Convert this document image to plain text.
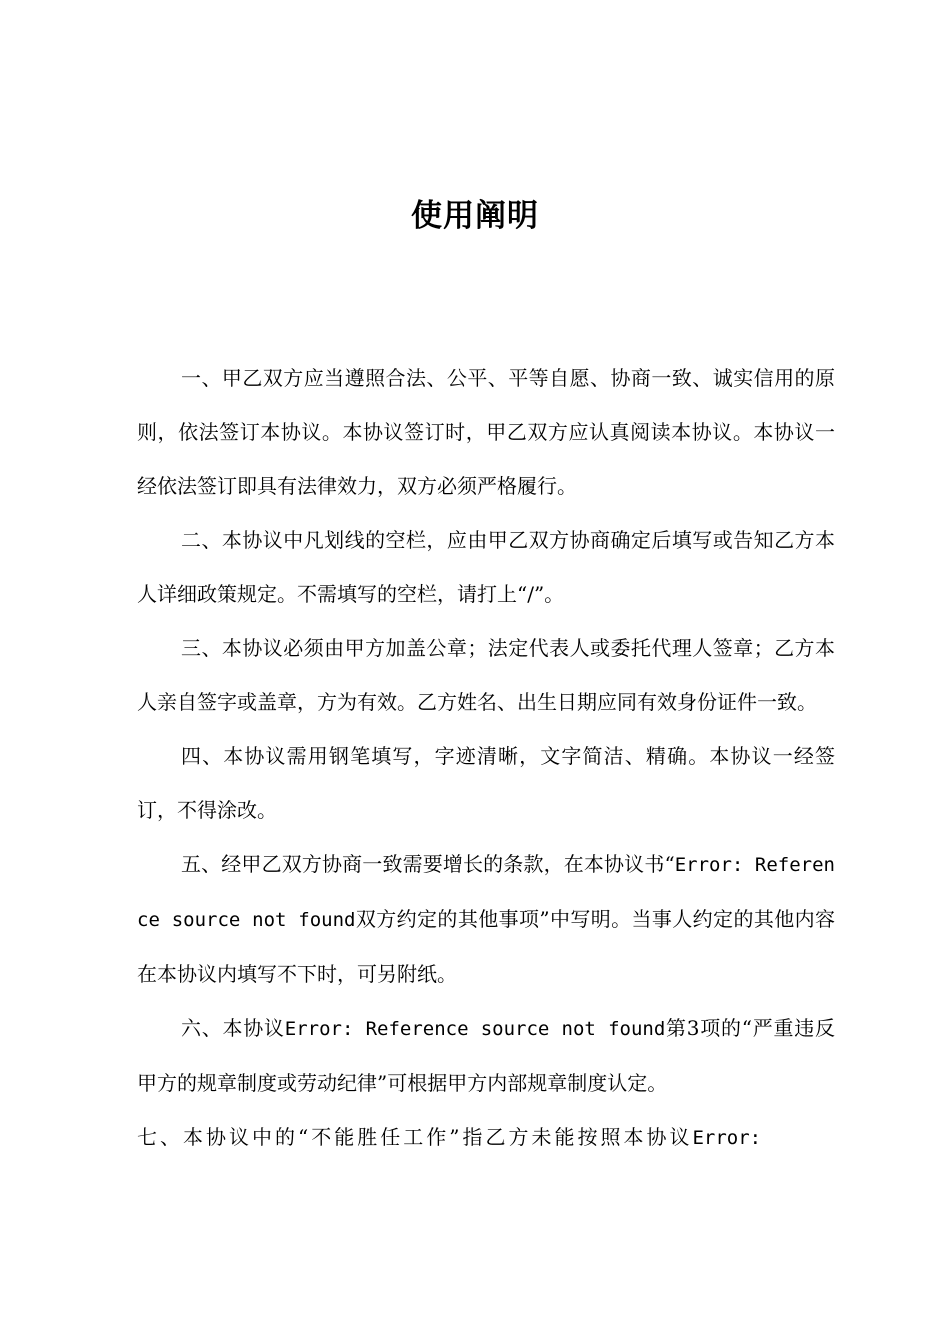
使用阐明

一、甲乙双方应当遵照合法、公平、平等自愿、协商一致、诚实信用的原则，依法签订本协议。本协议签订时，甲乙双方应认真阅读本协议。本协议一经依法签订即具有法律效力，双方必须严格履行。

二、本协议中凡划线的空栏，应由甲乙双方协商确定后填写或告知乙方本人详细政策规定。不需填写的空栏，请打上“/”。

三、本协议必须由甲方加盖公章；法定代表人或委托代理人签章；乙方本人亲自签字或盖章，方为有效。乙方姓名、出生日期应同有效身份证件一致。

四、本协议需用钢笔填写，字迹清晰，文字简洁、精确。本协议一经签订，不得涂改。

五、经甲乙双方协商一致需要增长的条款，在本协议书“Error: Reference source not found双方约定的其他事项”中写明。当事人约定的其他内容在本协议内填写不下时，可另附纸。

六、本协议Error: Reference source not found第3项的“严重违反甲方的规章制度或劳动纪律”可根据甲方内部规章制度认定。

七、本协议中的“不能胜任工作”指乙方未能按照本协议Error:
